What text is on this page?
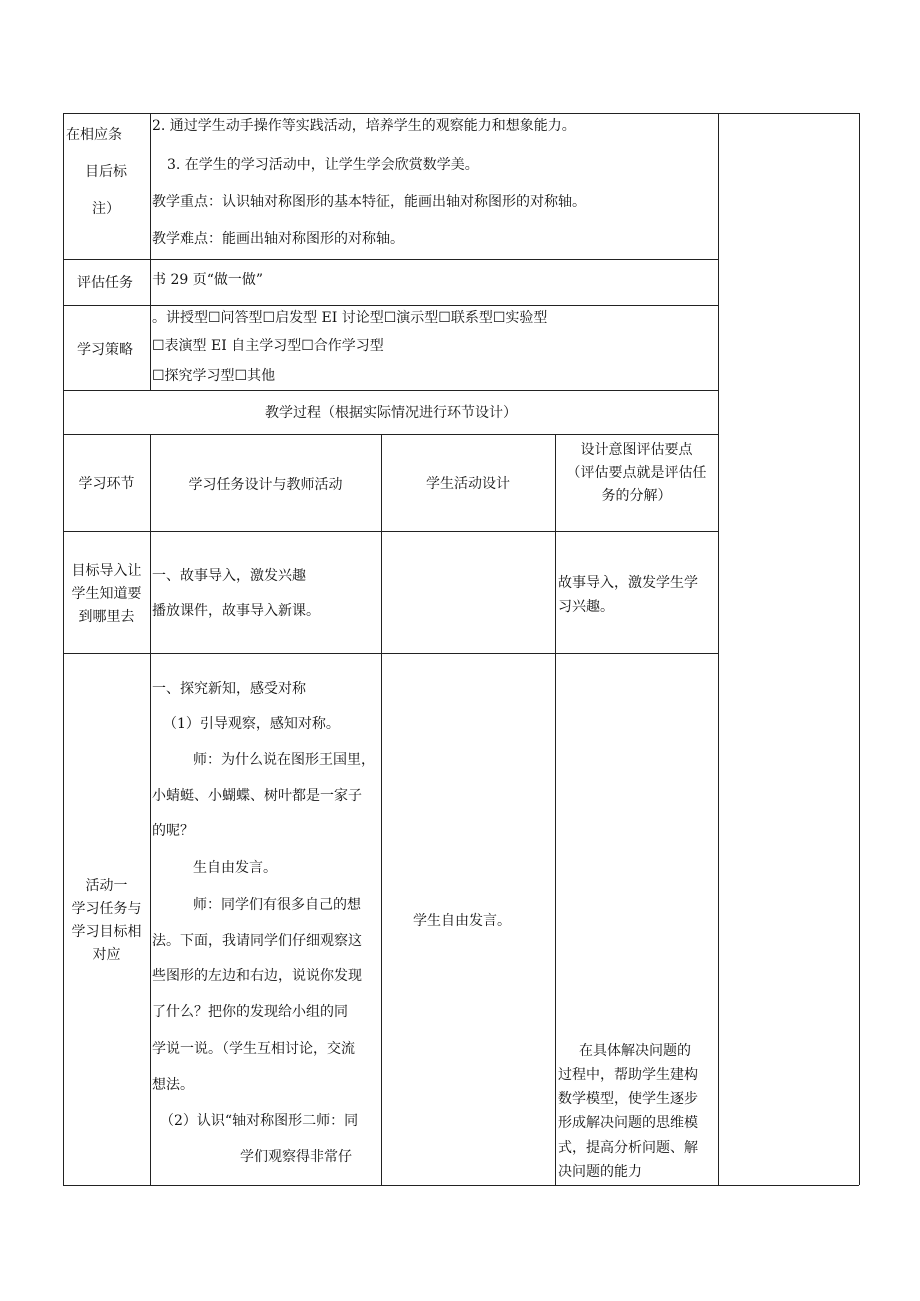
在相应条
目后标
注）
2. 通过学生动手操作等实践活动，培养学生的观察能力和想象能力。
3. 在学生的学习活动中，让学生学会欣赏数学美。
教学重点：认识轴对称图形的基本特征，能画出轴对称图形的对称轴。
教学难点：能画出轴对称图形的对称轴。
评估任务 书 29 页“做一做”
学习策略
。讲授型☐问答型☐启发型 EI 讨论型☐演示型☐联系型☐实验型
☐表演型 EI 自主学习型☐合作学习型
☐探究学习型☐其他
教学过程（根据实际情况进行环节设计）
学习环节	学习任务设计与教师活动	学生活动设计
设计意图评估要点
（评估要点就是评估任
务的分解）
目标导入让
学生知道要
到哪里去
一、故事导入，激发兴趣
播放课件，故事导入新课。
故事导入，激发学生学
习兴趣。
活动一
学习任务与
学习目标相
对应
一、探究新知，感受对称
（1）引导观察，感知对称。
师：为什么说在图形王国里，
小蜻蜓、小蝴蝶、树叶都是一家子
的呢？
生自由发言。
师：同学们有很多自己的想
法。下面，我请同学们仔细观察这
些图形的左边和右边，说说你发现
了什么？把你的发现给小组的同
学说一说。（学生互相讨论，交流
想法。
（2）认识“轴对称图形二师：同
学们观察得非常仔
学生自由发言。
在具体解决问题的
过程中，帮助学生建构
数学模型，使学生逐步
形成解决问题的思维模
式，提高分析问题、解
决问题的能力
